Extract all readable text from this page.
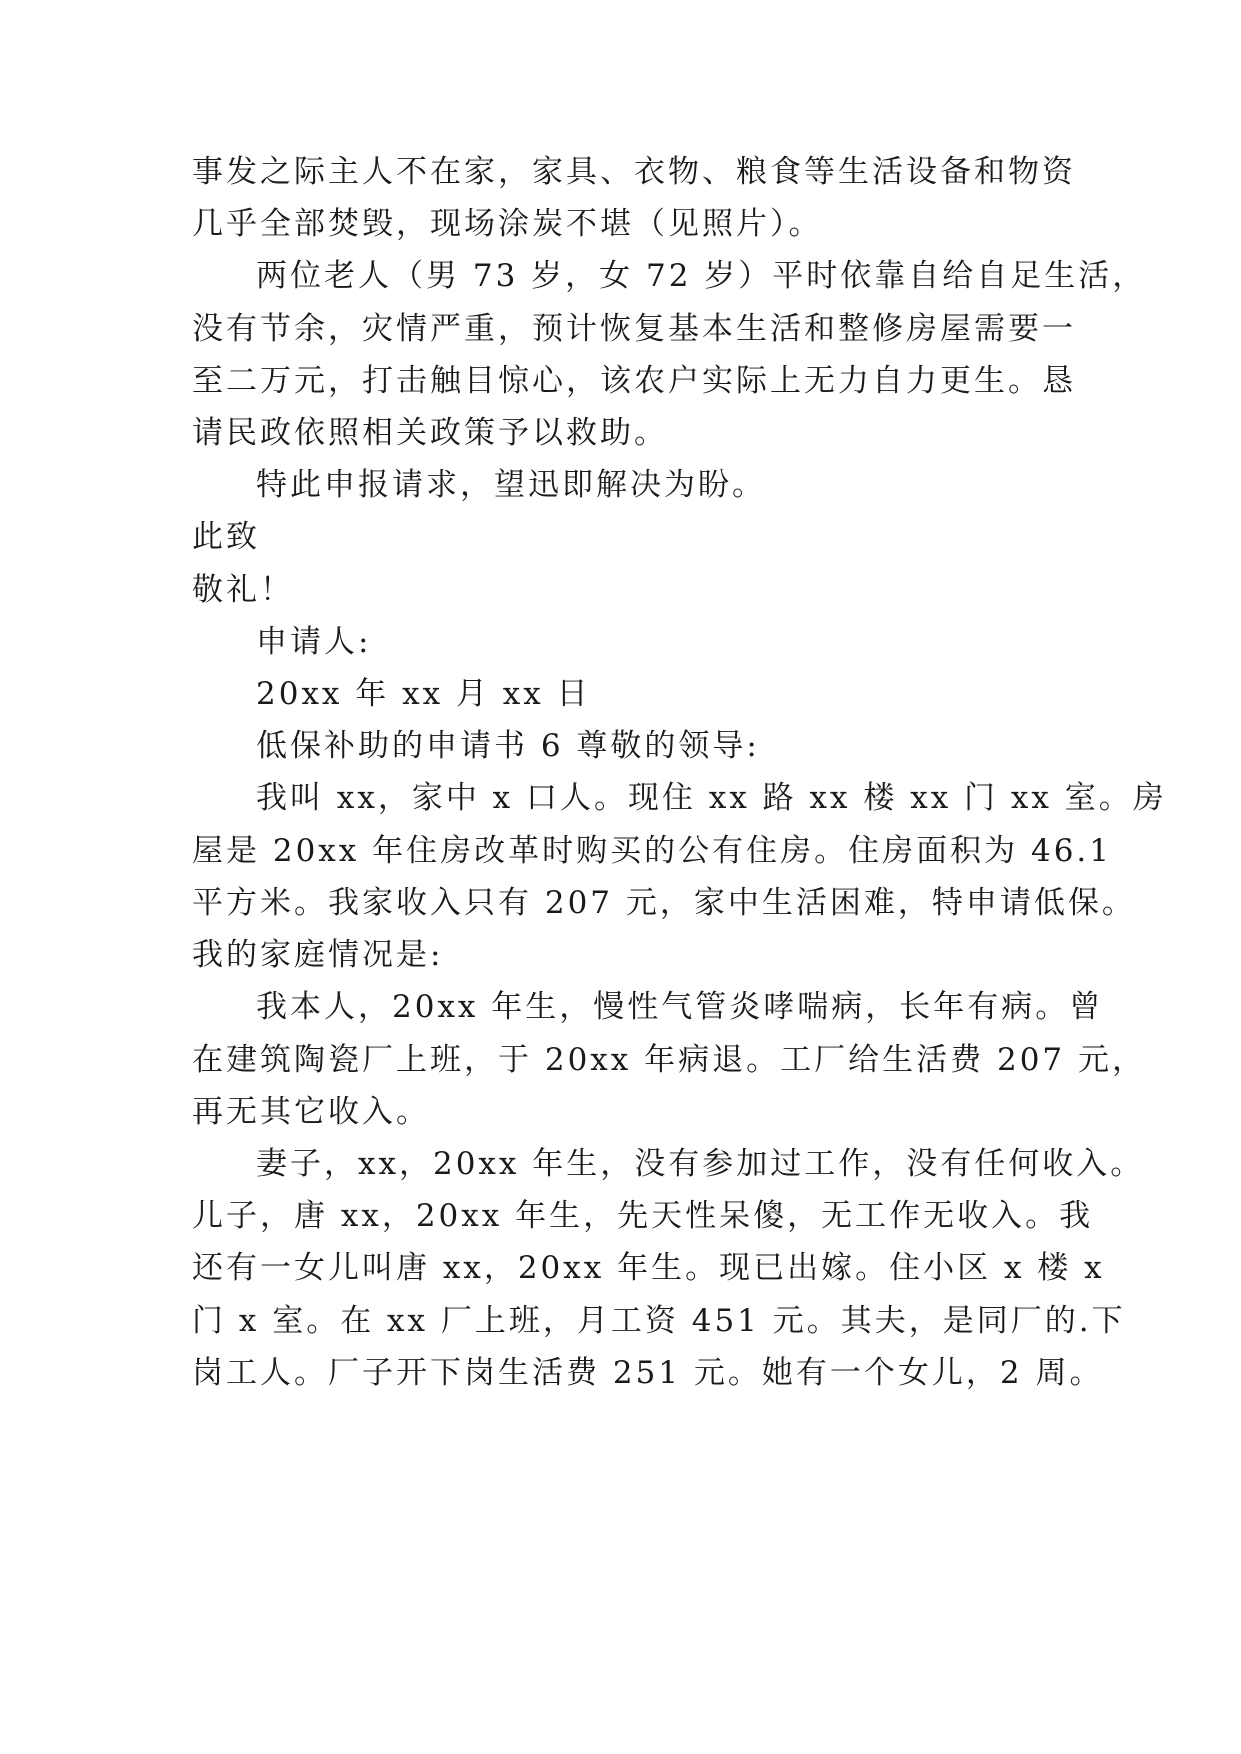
事发之际主人不在家，家具、衣物、粮食等生活设备和物资
几乎全部焚毁，现场涂炭不堪（见照片）。
两位老人（男 73 岁，女 72 岁）平时依靠自给自足生活，
没有节余，灾情严重，预计恢复基本生活和整修房屋需要一
至二万元，打击触目惊心，该农户实际上无力自力更生。恳
请民政依照相关政策予以救助。
特此申报请求，望迅即解决为盼。
此致
敬礼！
申请人:
20xx 年 xx 月 xx 日
低保补助的申请书 6 尊敬的领导:
我叫 xx，家中 x 口人。现住 xx 路 xx 楼 xx 门 xx 室。房
屋是 20xx 年住房改革时购买的公有住房。住房面积为 46.1
平方米。我家收入只有 207 元，家中生活困难，特申请低保。
我的家庭情况是:
我本人，20xx 年生，慢性气管炎哮喘病，长年有病。曾
在建筑陶瓷厂上班，于 20xx 年病退。工厂给生活费 207 元，
再无其它收入。
妻子，xx，20xx 年生，没有参加过工作，没有任何收入。
儿子，唐 xx，20xx 年生，先天性呆傻，无工作无收入。我
还有一女儿叫唐 xx，20xx 年生。现已出嫁。住小区 x 楼 x
门 x 室。在 xx 厂上班，月工资 451 元。其夫，是同厂的.下
岗工人。厂子开下岗生活费 251 元。她有一个女儿，2 周。
